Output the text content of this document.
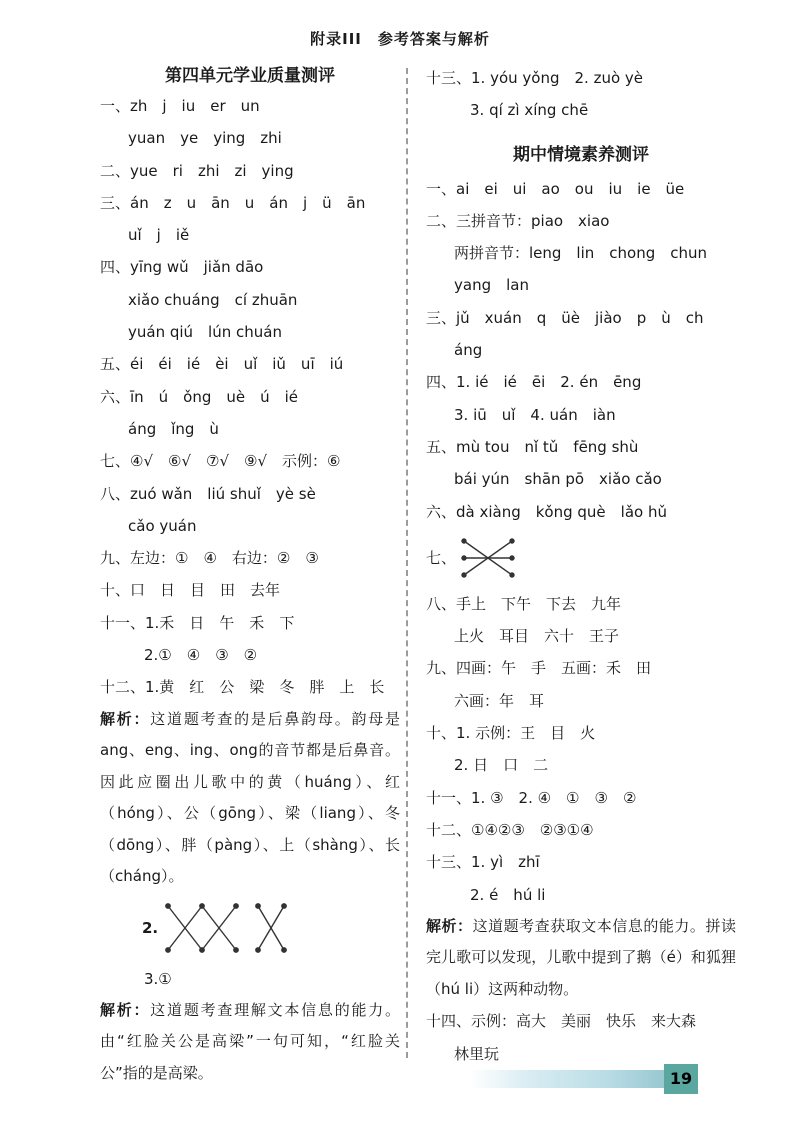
附录III　参考答案与解析
第四单元学业质量测评
一、zh　j　iu　er　un
yuan　ye　ying　zhi
二、yue　ri　zhi　zi　ying
三、án　z　u　ān　u　án　j　ü　ān
uǐ　j　iě
四、yīng wǔ　jiǎn dāo
xiǎo chuáng　cí zhuān
yuán qiú　lún chuán
五、éi　éi　ié　èi　uǐ　iǔ　uī　iú
六、īn　ú　ǒng　uè　ú　ié
áng　ǐng　ù
七、④√　⑥√　⑦√　⑨√　示例：⑥
八、zuó wǎn　liú shuǐ　yè sè
cǎo yuán
九、左边：①　④　右边：②　③
十、口　日　目　田　去年
十一、1.禾　日　午　禾　下
2.①　④　③　②
十二、1.黄　红　公　梁　冬　胖　上　长

解析：这道题考查的是后鼻韵母。韵母是ang、eng、ing、ong的音节都是后鼻音。因此应圈出儿歌中的黄（huáng）、红（hóng）、公（gōng）、梁（liang）、冬（dōng）、胖（pàng）、上（shàng）、长（cháng）。

2.
3.①

解析：这道题考查理解文本信息的能力。由“红脸关公是高梁”一句可知，“红脸关公”指的是高梁。

十三、1. yóu yǒng　2. zuò yè
3. qí zì xíng chē
期中情境素养测评
一、ai　ei　ui　ao　ou　iu　ie　üe
二、三拼音节：piao　xiao
两拼音节：leng　lin　chong　chun
yang　lan
三、jǔ　xuán　q　üè　jiào　p　ù　ch
áng
四、1. ié　ié　ēi　2. én　ēng
3. iū　uǐ　4. uán　iàn
五、mù tou　nǐ tǔ　fēng shù
bái yún　shān pō　xiǎo cǎo
六、dà xiàng　kǒng què　lǎo hǔ
七、
八、手上　下午　下去　九年
上火　耳目　六十　王子
九、四画：午　手　五画：禾　田
六画：年　耳
十、1. 示例：王　目　火
2. 日　口　二
十一、1. ③　2. ④　①　③　②
十二、①④②③　②③①④
十三、1. yì　zhī
2. é　hú li

解析：这道题考查获取文本信息的能力。拼读完儿歌可以发现，儿歌中提到了鹅（é）和狐狸（hú li）这两种动物。

十四、示例：高大　美丽　快乐　来大森
林里玩
19
